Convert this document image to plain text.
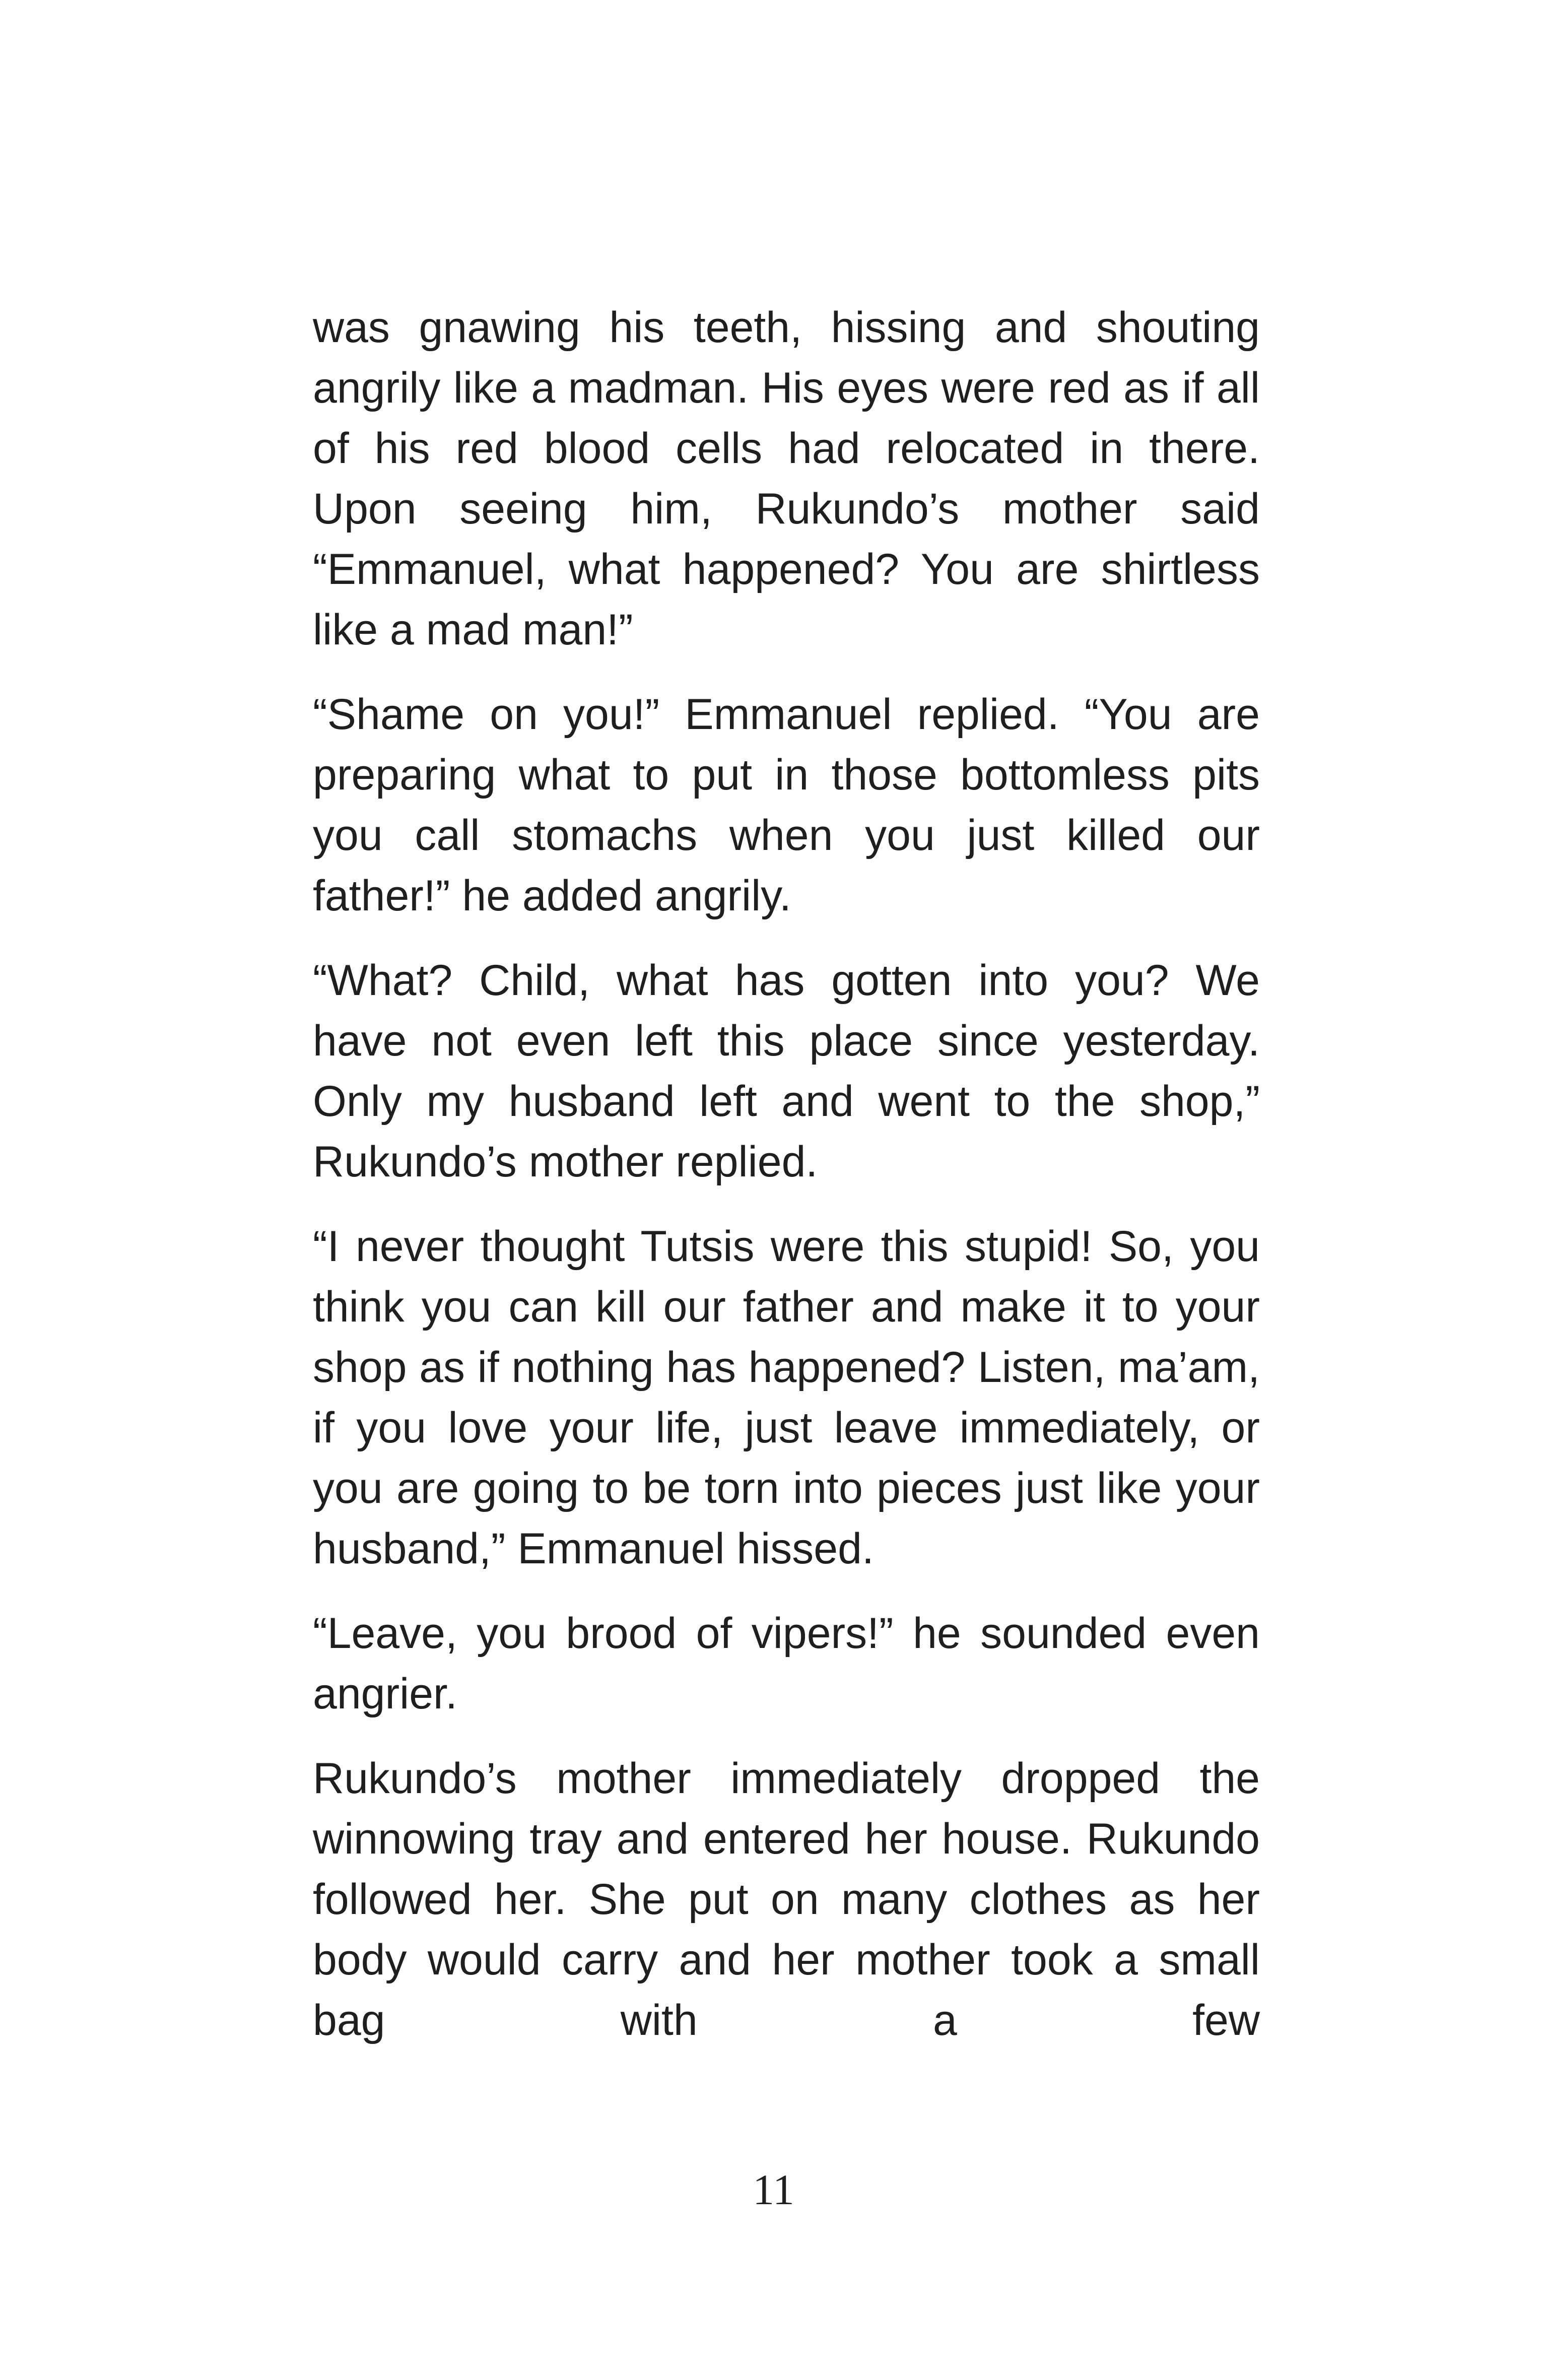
was gnawing his teeth, hissing and shouting angrily like a madman. His eyes were red as if all of his red blood cells had relocated in there. Upon seeing him, Rukundo’s mother said “Emmanuel, what happened? You are shirtless like a mad man!”

“Shame on you!” Emmanuel replied. “You are preparing what to put in those bottomless pits you call stomachs when you just killed our father!” he added angrily.

“What? Child, what has gotten into you? We have not even left this place since yesterday. Only my husband left and went to the shop,” Rukundo’s mother replied.

“I never thought Tutsis were this stupid! So, you think you can kill our father and make it to your shop as if nothing has happened? Listen, ma’am, if you love your life, just leave immediately, or you are going to be torn into pieces just like your husband,” Emmanuel hissed.

“Leave, you brood of vipers!” he sounded even angrier.

Rukundo’s mother immediately dropped the winnowing tray and entered her house. Rukundo followed her. She put on many clothes as her body would carry and her mother took a small bag with a few

11
